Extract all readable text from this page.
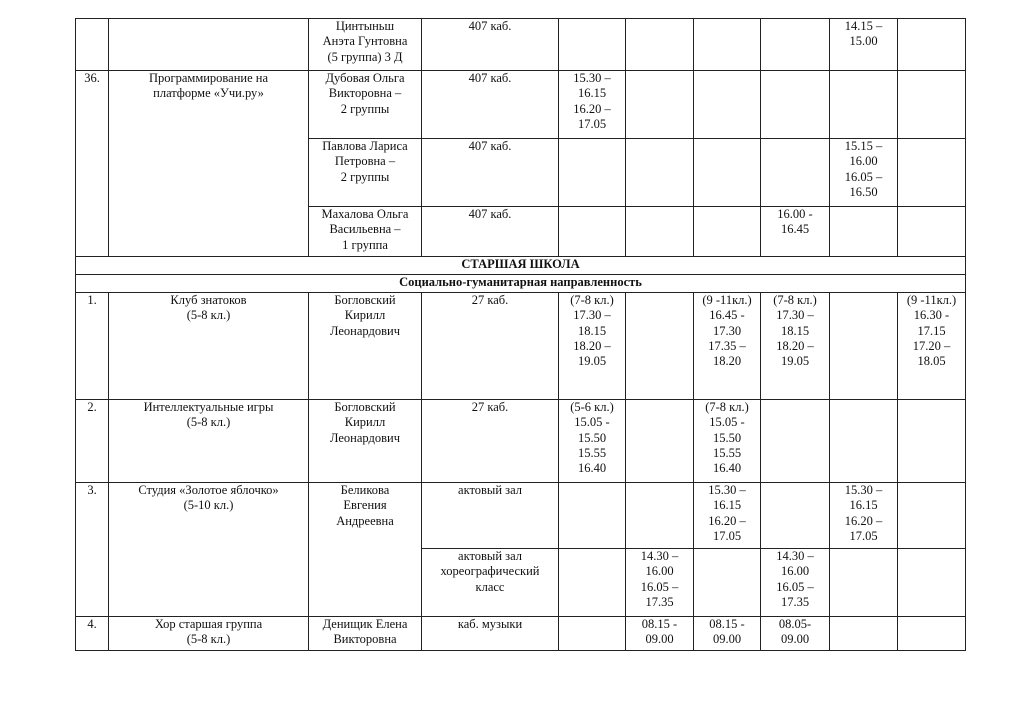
		Цинтыньш
Анэта Гунтовна
(5 группа) 3 Д	407 каб.					14.15 –
15.00	
36.	Программирование на
платформе «Учи.ру»	Дубовая Ольга
Викторовна –
2 группы	407 каб.	15.30 –
16.15
16.20 –
17.05					
		Павлова Лариса
Петровна –
2 группы	407 каб.					15.15 –
16.00
16.05 –
16.50	
		Махалова Ольга
Васильевна –
1 группа	407 каб.				16.00 -
16.45		
СТАРШАЯ ШКОЛА									
Социально-гуманитарная направленность									
1.	Клуб знатоков
(5-8 кл.)	Богловский
Кирилл
Леонардович	27 каб.	(7-8 кл.)
17.30 –
18.15
18.20 –
19.05		(9 -11кл.)
16.45 -
17.30
17.35 –
18.20	(7-8 кл.)
17.30 –
18.15
18.20 –
19.05		(9 -11кл.)
16.30 -
17.15
17.20 –
18.05
2.	Интеллектуальные игры
(5-8 кл.)	Богловский
Кирилл
Леонардович	27 каб.	(5-6 кл.)
15.05 -
15.50
15.55
16.40		(7-8 кл.)
15.05 -
15.50
15.55
16.40			
3.	Студия «Золотое яблочко»
(5-10 кл.)	Беликова
Евгения
Андреевна	актовый зал			15.30 –
16.15
16.20 –
17.05		15.30 –
16.15
16.20 –
17.05	
			актовый зал
хореографический
класс		14.30 –
16.00
16.05 –
17.35		14.30 –
16.00
16.05 –
17.35		
4.	Хор старшая группа
(5-8 кл.)	Денищик Елена
Викторовна	каб. музыки		08.15 -
09.00	08.15 -
09.00	08.05-
09.00		
